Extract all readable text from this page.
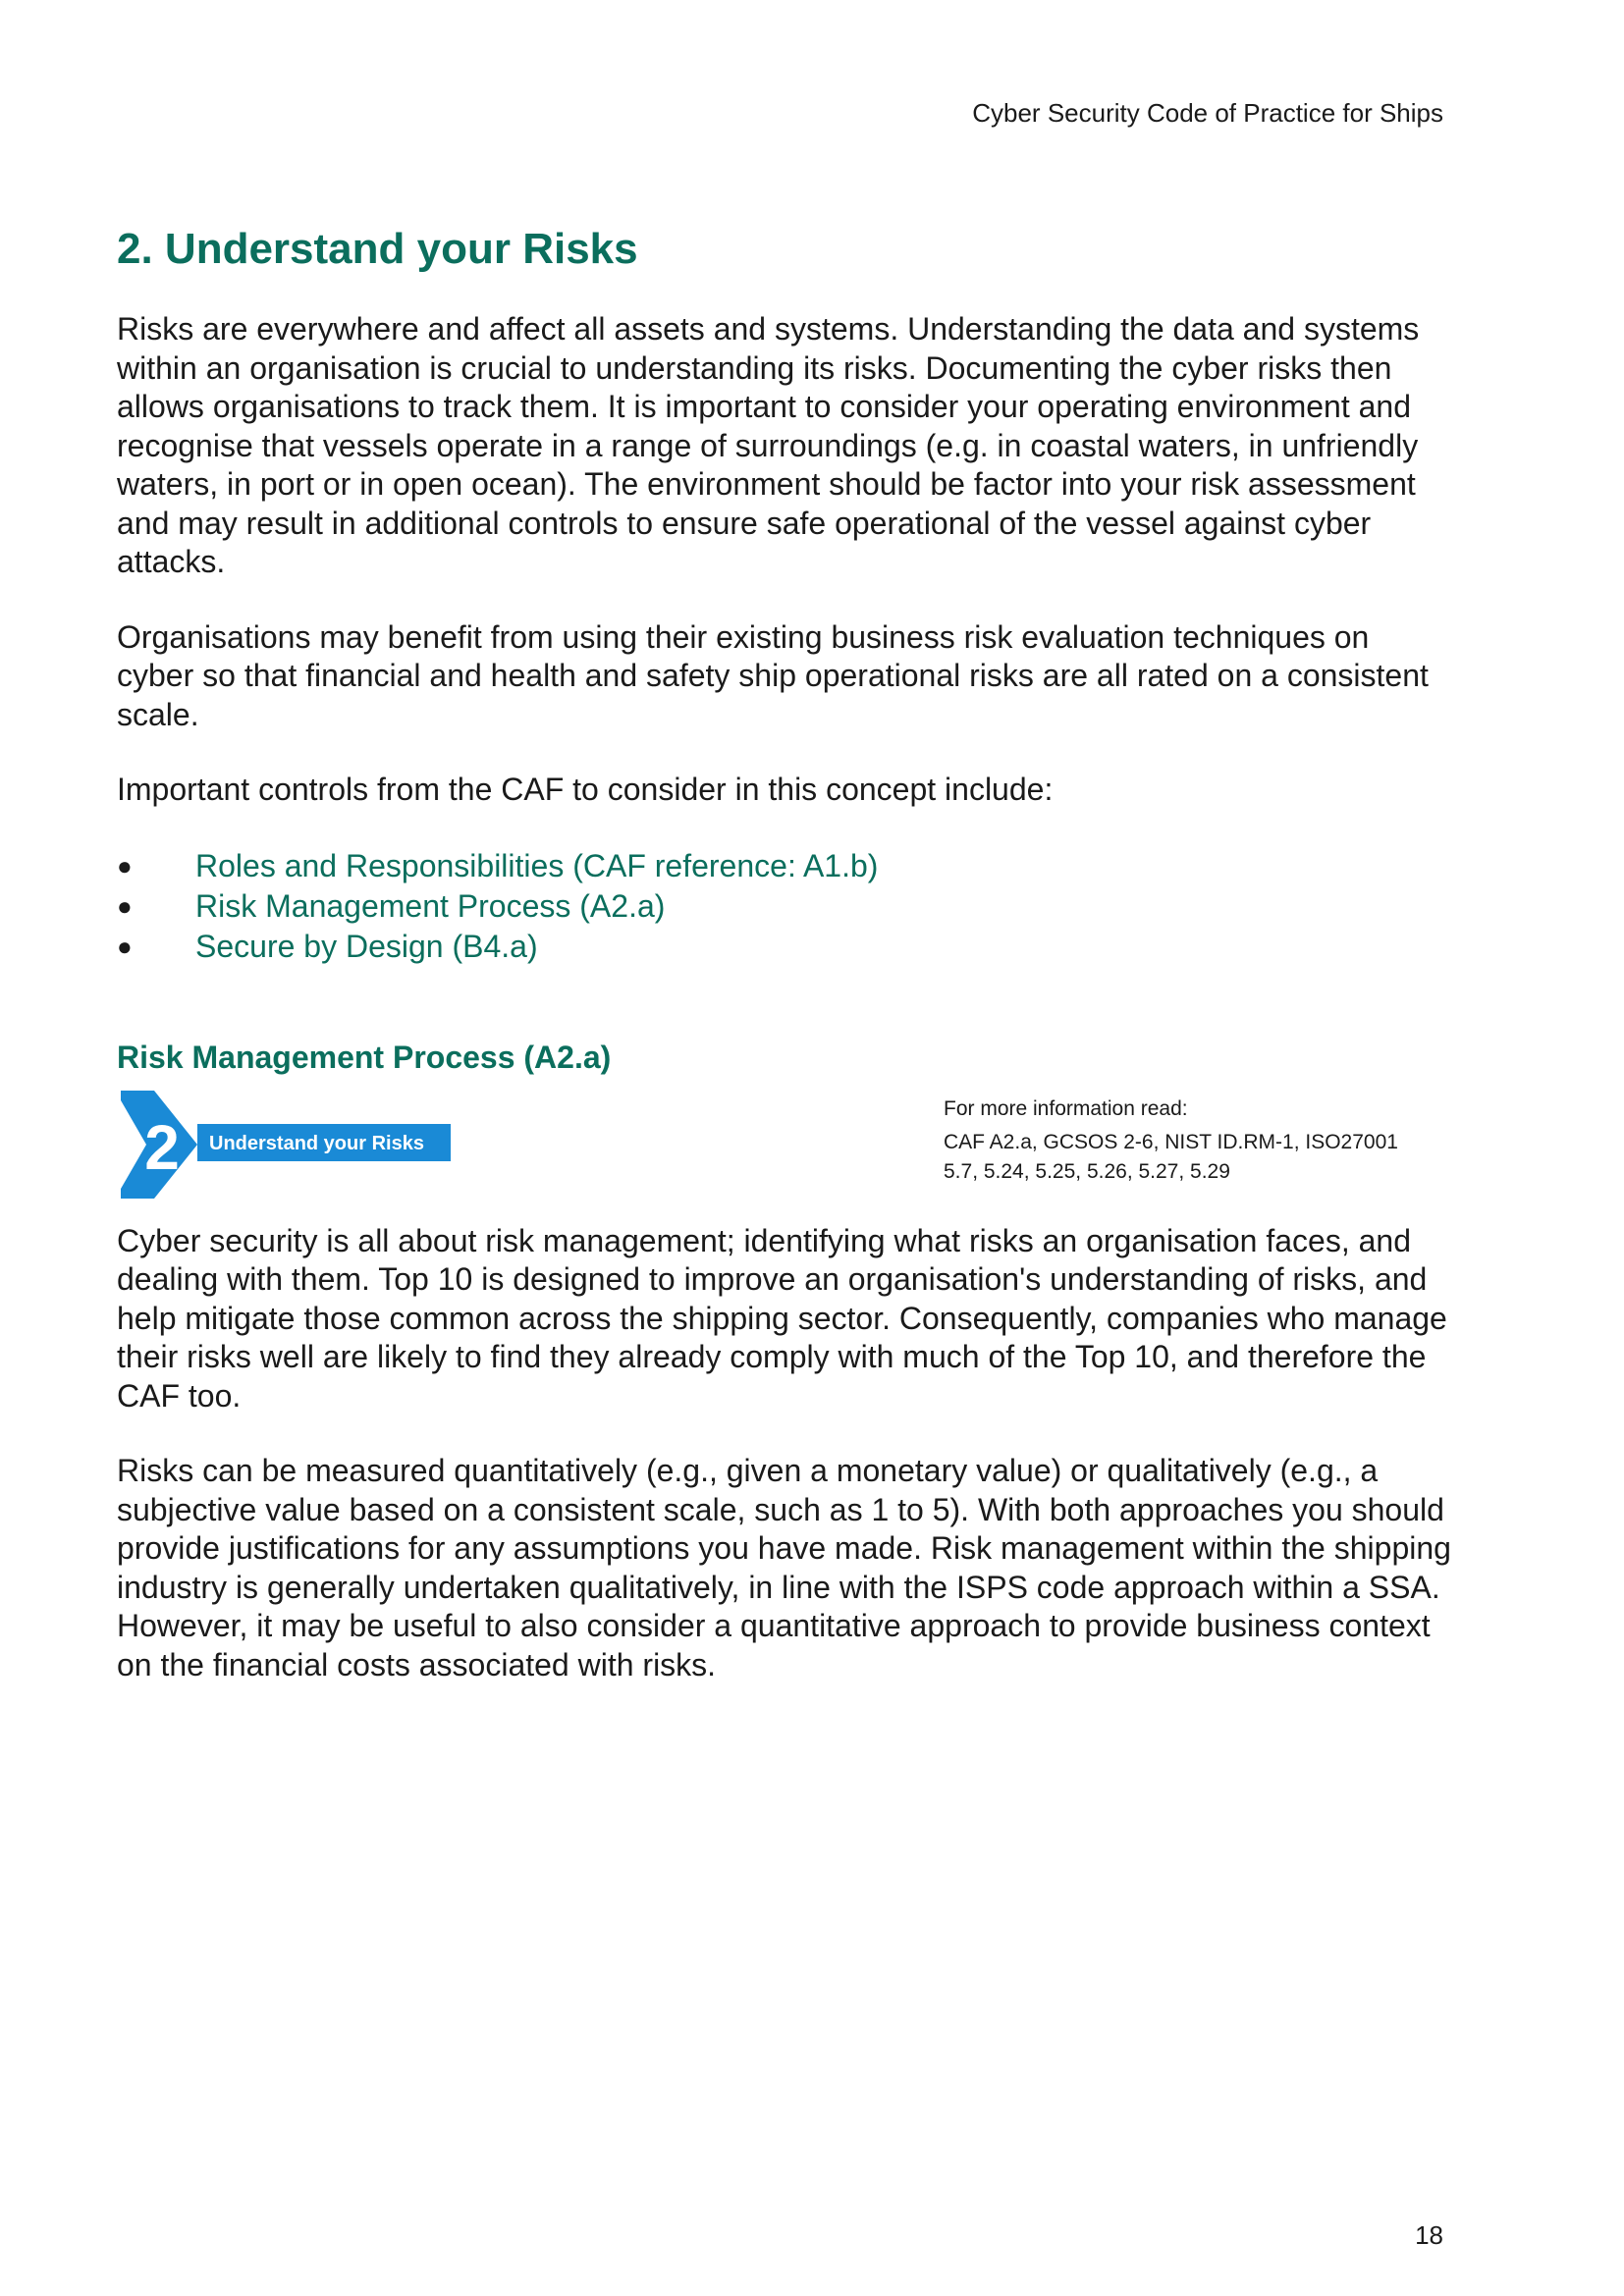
Cyber Security Code of Practice for Ships
2. Understand your Risks

Risks are everywhere and affect all assets and systems. Understanding the data and systems within an organisation is crucial to understanding its risks. Documenting the cyber risks then allows organisations to track them. It is important to consider your operating environment and recognise that vessels operate in a range of surroundings (e.g. in coastal waters, in unfriendly waters, in port or in open ocean). The environment should be factor into your risk assessment and may result in additional controls to ensure safe operational of the vessel against cyber attacks.

Organisations may benefit from using their existing business risk evaluation techniques on cyber so that financial and health and safety ship operational risks are all rated on a consistent scale.

Important controls from the CAF to consider in this concept include:

● Roles and Responsibilities (CAF reference: A1.b)
● Risk Management Process (A2.a)
● Secure by Design (B4.a)
Risk Management Process (A2.a)
2 Understand your Risks
For more information read:
CAF A2.a, GCSOS 2-6, NIST ID.RM-1, ISO27001
5.7, 5.24, 5.25, 5.26, 5.27, 5.29

Cyber security is all about risk management; identifying what risks an organisation faces, and dealing with them. Top 10 is designed to improve an organisation's understanding of risks, and help mitigate those common across the shipping sector. Consequently, companies who manage their risks well are likely to find they already comply with much of the Top 10, and therefore the CAF too.

Risks can be measured quantitatively (e.g., given a monetary value) or qualitatively (e.g., a subjective value based on a consistent scale, such as 1 to 5). With both approaches you should provide justifications for any assumptions you have made. Risk management within the shipping industry is generally undertaken qualitatively, in line with the ISPS code approach within a SSA. However, it may be useful to also consider a quantitative approach to provide business context on the financial costs associated with risks.

18
